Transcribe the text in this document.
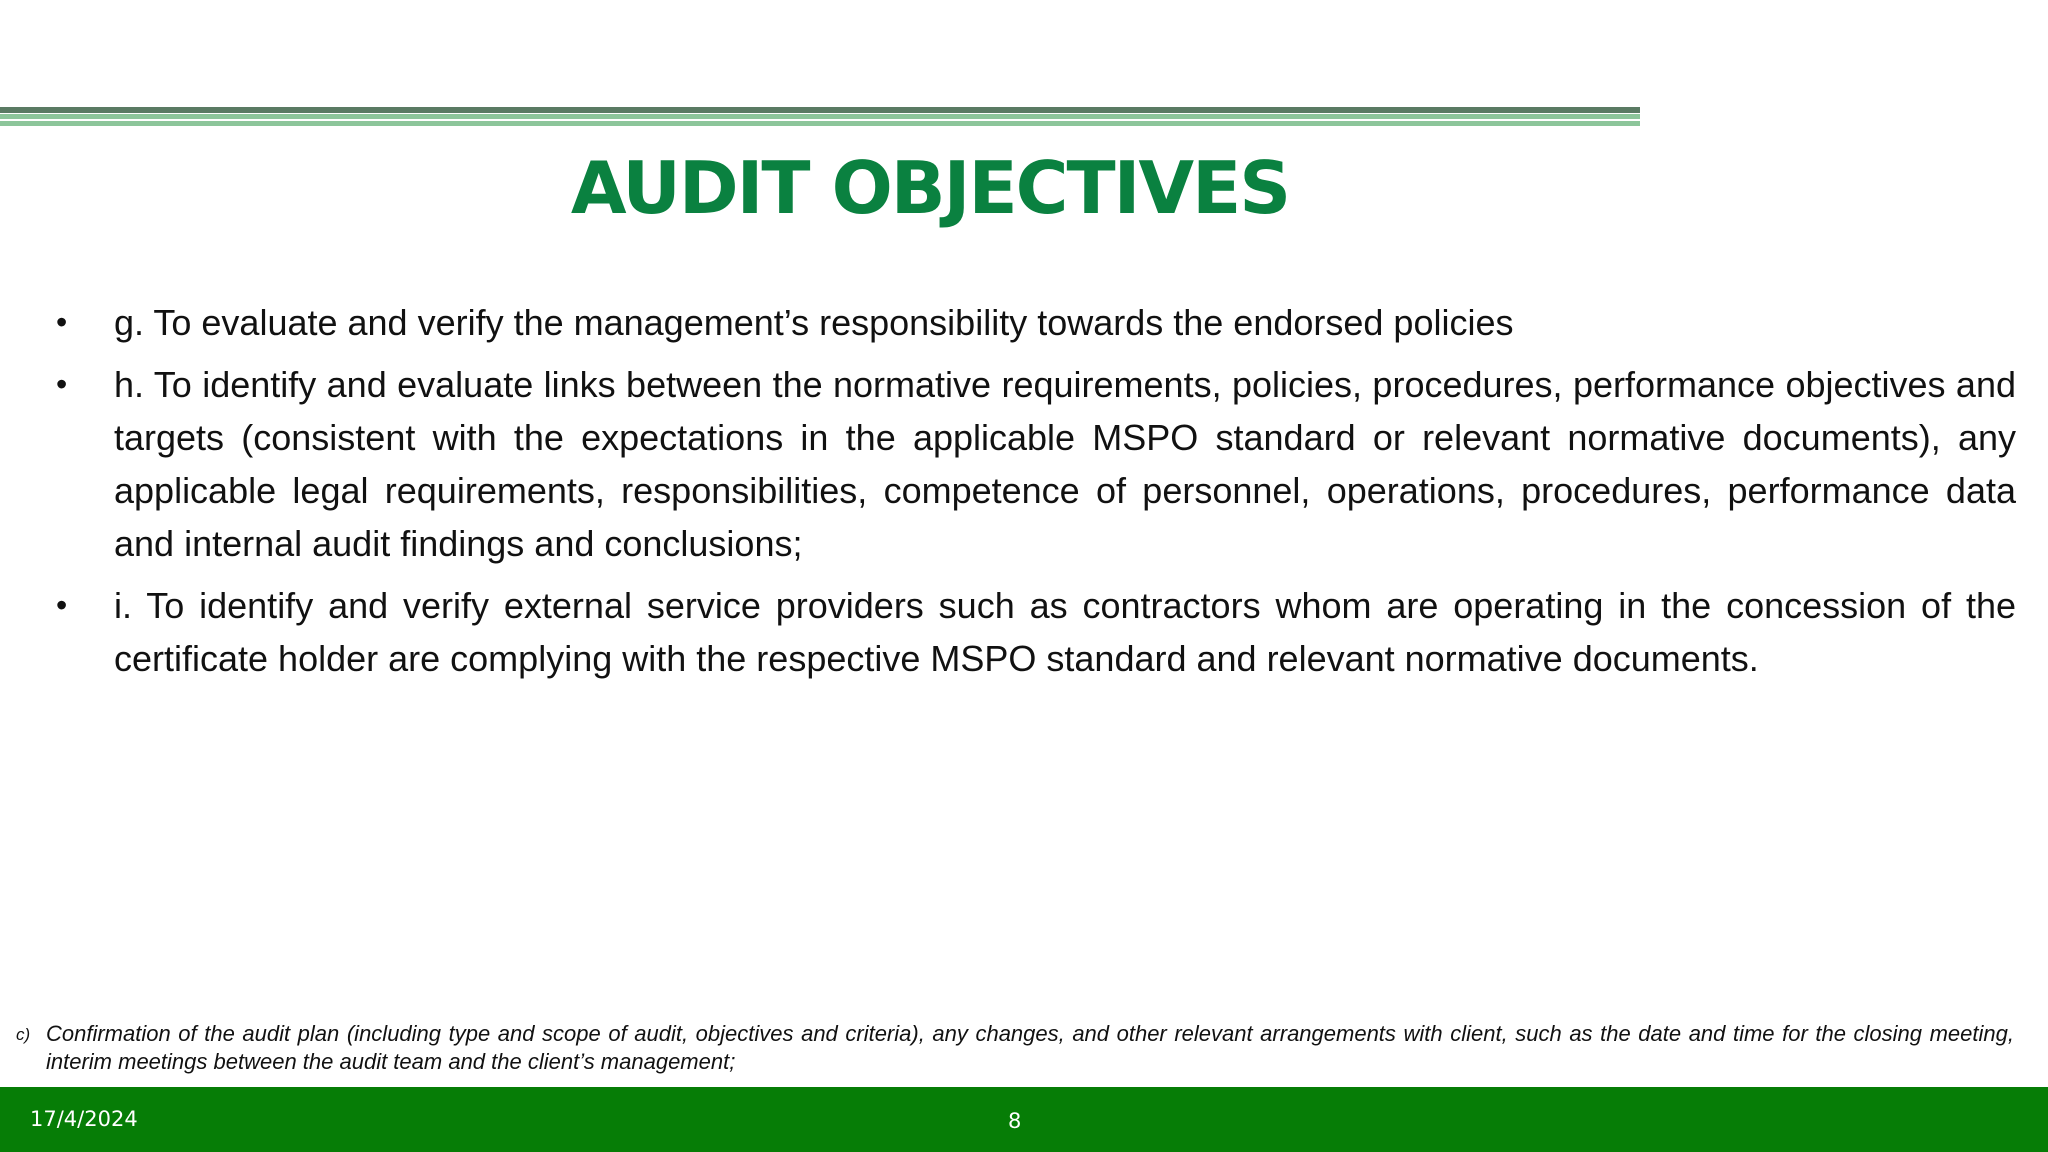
AUDIT OBJECTIVES
• g. To evaluate and verify the management’s responsibility towards the endorsed policies
• h. To identify and evaluate links between the normative requirements, policies, procedures, performance objectives and targets (consistent with the expectations in the applicable MSPO standard or relevant normative documents), any applicable legal requirements, responsibilities, competence of personnel, operations, procedures, performance data and internal audit findings and conclusions;
• i. To identify and verify external service providers such as contractors whom are operating in the concession of the certificate holder are complying with the respective MSPO standard and relevant normative documents.
c) Confirmation of the audit plan (including type and scope of audit, objectives and criteria), any changes, and other relevant arrangements with client, such as the date and time for the closing meeting, interim meetings between the audit team and the client’s management;
17/4/2024	8
